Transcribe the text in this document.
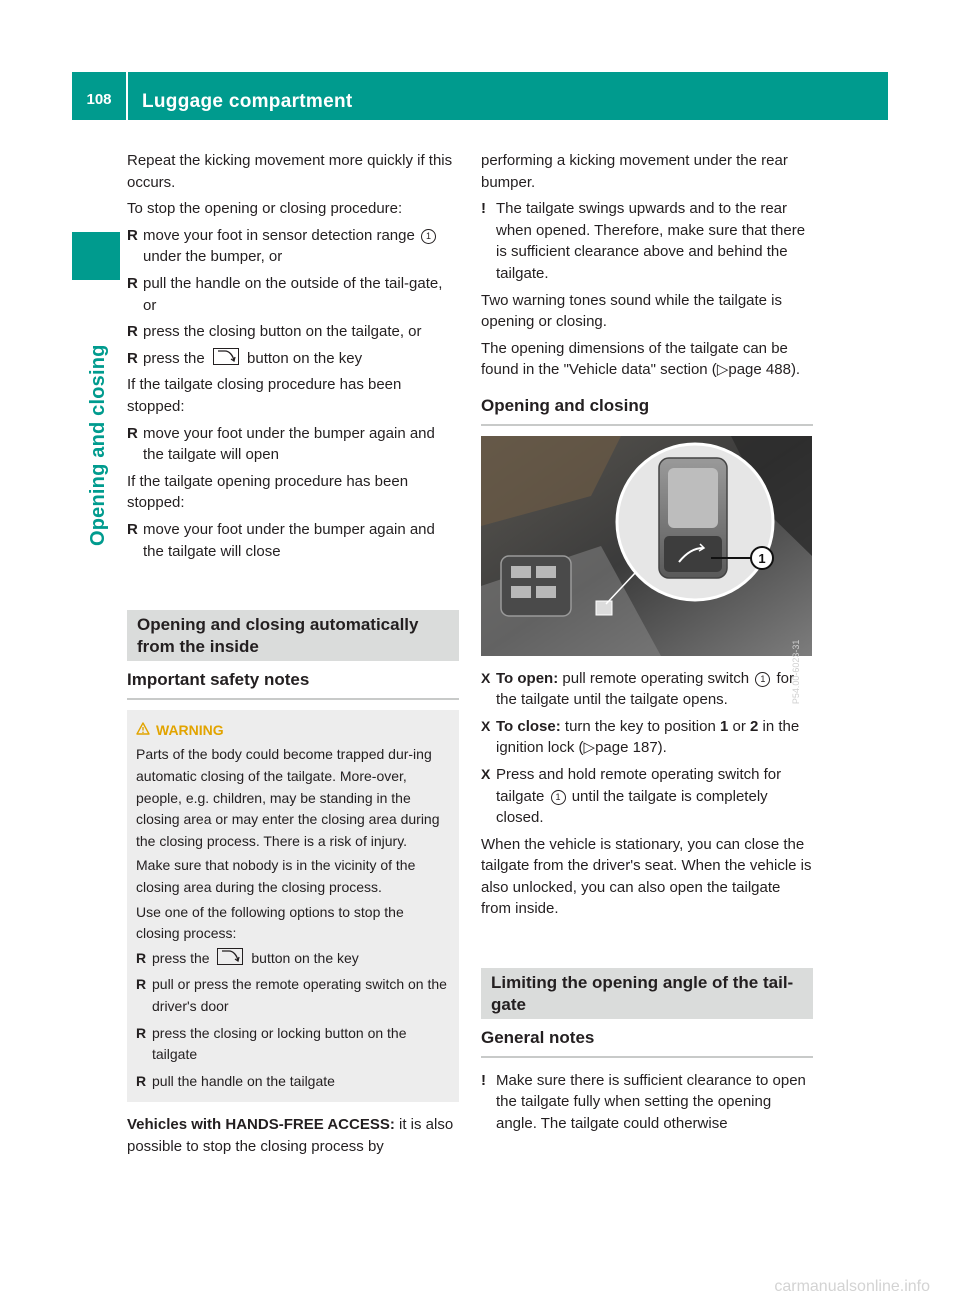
108	Luggage compartment
Opening and closing

Repeat the kicking movement more quickly if this occurs.

To stop the opening or closing procedure:

R move your foot in sensor detection range 1 under the bumper, or
R pull the handle on the outside of the tail-gate, or
R press the closing button on the tailgate, or
R press the
button on the key

If the tailgate closing procedure has been stopped:

R move your foot under the bumper again and the tailgate will open

If the tailgate opening procedure has been stopped:

R move your foot under the bumper again and the tailgate will close
Opening and closing automatically from the inside
Important safety notes
WARNING

Parts of the body could become trapped dur-ing automatic closing of the tailgate. More-over, people, e.g. children, may be standing in the closing area or may enter the closing area during the closing process. There is a risk of injury.

Make sure that nobody is in the vicinity of the closing area during the closing process.

Use one of the following options to stop the closing process:

R press the
button on the key
R pull or press the remote operating switch on the driver's door
R press the closing or locking button on the tailgate
R pull the handle on the tailgate

Vehicles with HANDS-FREE ACCESS: it is also possible to stop the closing process by

performing a kicking movement under the rear bumper.

! The tailgate swings upwards and to the rear when opened. Therefore, make sure that there is sufficient clearance above and behind the tailgate.

Two warning tones sound while the tailgate is opening or closing.

The opening dimensions of the tailgate can be found in the "Vehicle data" section (▷page 488).

Opening and closing
1
P54.00-6023-31
X To open: pull remote operating switch 1 for the tailgate until the tailgate opens.
X To close: turn the key to position 1 or 2 in the ignition lock (▷page 187).
X Press and hold remote operating switch for tailgate 1 until the tailgate is completely closed.

When the vehicle is stationary, you can close the tailgate from the driver's seat. When the vehicle is also unlocked, you can also open the tailgate from inside.

Limiting the opening angle of the tail-gate
General notes
! Make sure there is sufficient clearance to open the tailgate fully when setting the opening angle. The tailgate could otherwise
carmanualsonline.info
